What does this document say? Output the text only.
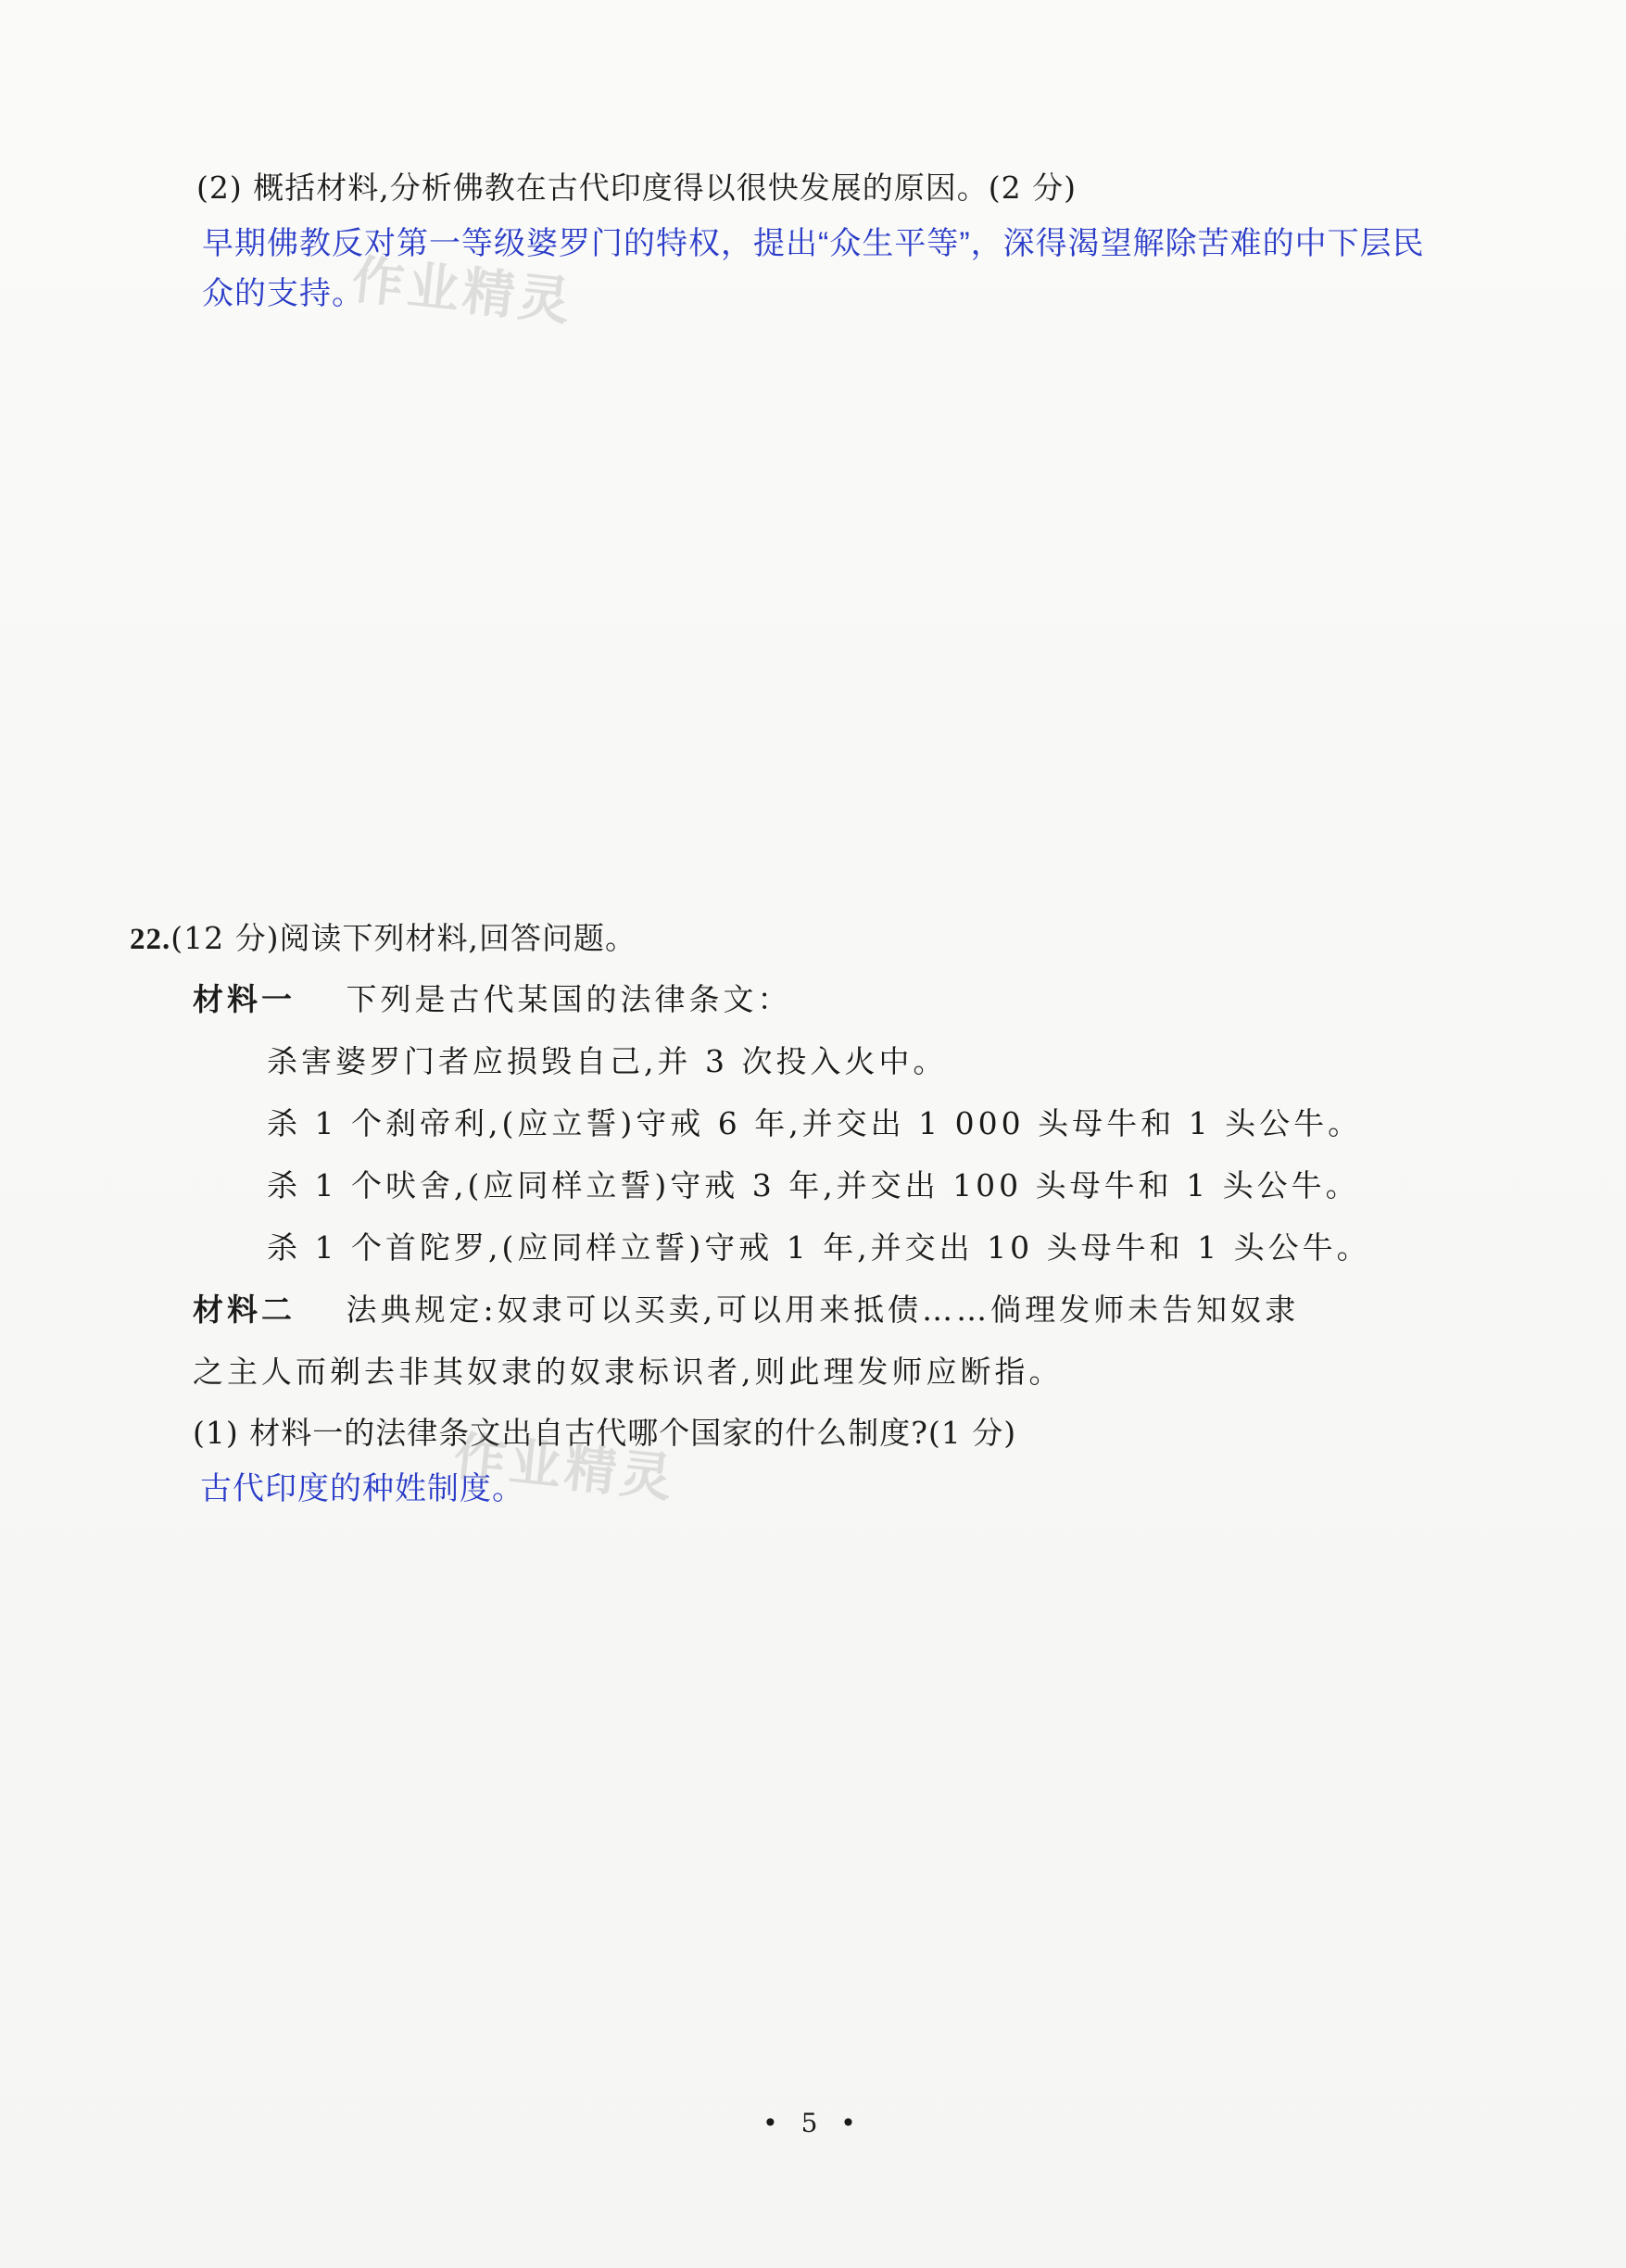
(2) 概括材料,分析佛教在古代印度得以很快发展的原因。(2 分)
早期佛教反对第一等级婆罗门的特权，提出“众生平等”，深得渴望解除苦难的中下层民
众的支持。
作业精灵
22.(12 分)阅读下列材料,回答问题。
材料一 下列是古代某国的法律条文：
杀害婆罗门者应损毁自己,并 3 次投入火中。
杀 1 个刹帝利,(应立誓)守戒 6 年,并交出 1 000 头母牛和 1 头公牛。
杀 1 个吠舍,(应同样立誓)守戒 3 年,并交出 100 头母牛和 1 头公牛。
杀 1 个首陀罗,(应同样立誓)守戒 1 年,并交出 10 头母牛和 1 头公牛。
材料二 法典规定:奴隶可以买卖,可以用来抵债……倘理发师未告知奴隶
之主人而剃去非其奴隶的奴隶标识者,则此理发师应断指。
(1) 材料一的法律条文出自古代哪个国家的什么制度?(1 分)
古代印度的种姓制度。
作业精灵
• 5 •
